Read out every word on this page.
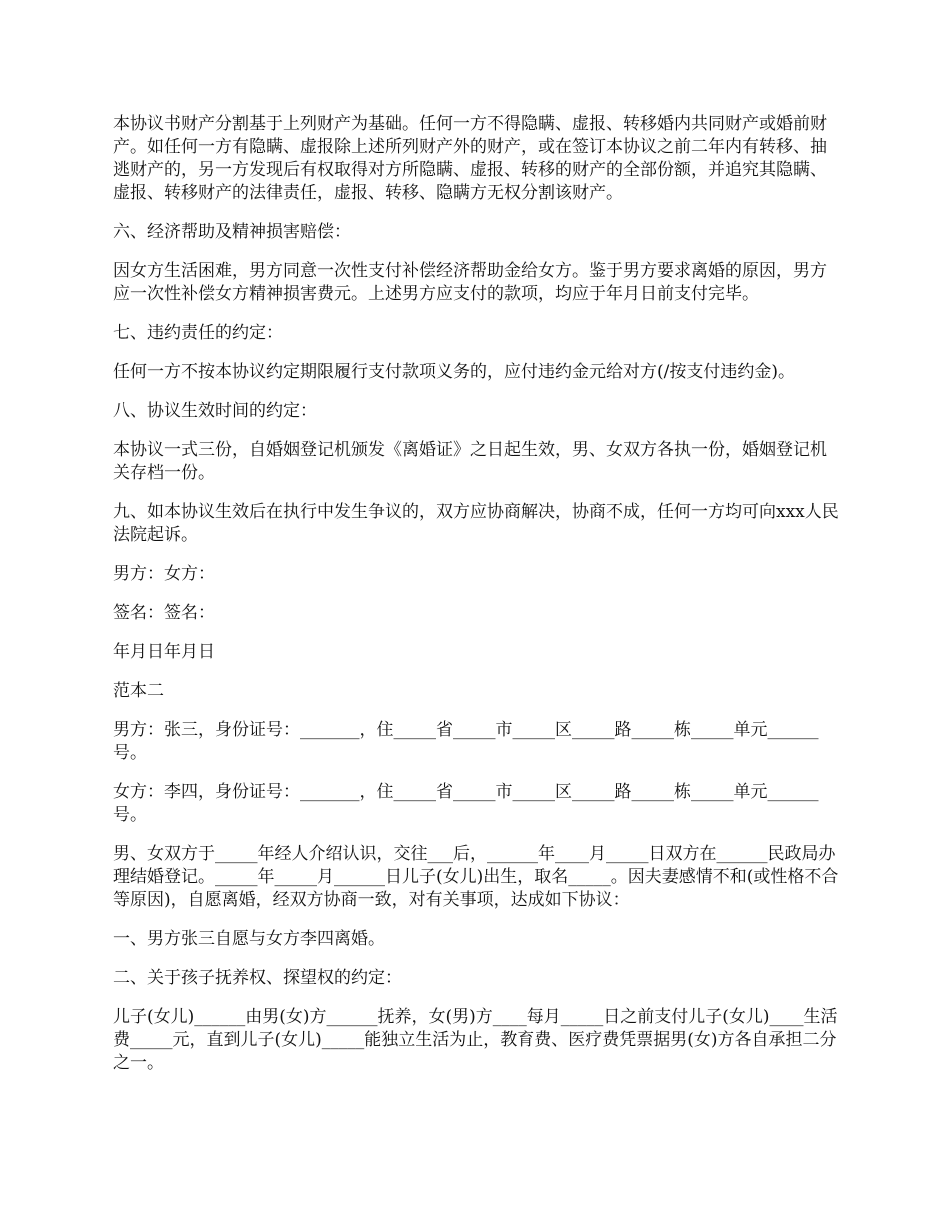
本协议书财产分割基于上列财产为基础。任何一方不得隐瞒、虚报、转移婚内共同财产或婚前财产。如任何一方有隐瞒、虚报除上述所列财产外的财产，或在签订本协议之前二年内有转移、抽逃财产的，另一方发现后有权取得对方所隐瞒、虚报、转移的财产的全部份额，并追究其隐瞒、虚报、转移财产的法律责任，虚报、转移、隐瞒方无权分割该财产。

六、经济帮助及精神损害赔偿：

因女方生活困难，男方同意一次性支付补偿经济帮助金给女方。鉴于男方要求离婚的原因，男方应一次性补偿女方精神损害费元。上述男方应支付的款项，均应于年月日前支付完毕。

七、违约责任的约定：

任何一方不按本协议约定期限履行支付款项义务的，应付违约金元给对方(/按支付违约金)。

八、协议生效时间的约定：

本协议一式三份，自婚姻登记机颁发《离婚证》之日起生效，男、女双方各执一份，婚姻登记机关存档一份。

九、如本协议生效后在执行中发生争议的，双方应协商解决，协商不成，任何一方均可向xxx人民法院起诉。

男方：女方：

签名：签名：

年月日年月日

范本二

男方：张三，身份证号：_______，住_____省_____市_____区_____路_____栋_____单元______号。

女方：李四，身份证号：_______，住_____省_____市_____区_____路_____栋_____单元______号。

男、女双方于_____年经人介绍认识，交往___后，______年____月_____日双方在______民政局办理结婚登记。_____年_____月______日儿子(女儿)出生，取名_____。因夫妻感情不和(或性格不合等原因)，自愿离婚，经双方协商一致，对有关事项，达成如下协议：

一、男方张三自愿与女方李四离婚。

二、关于孩子抚养权、探望权的约定：

儿子(女儿)______由男(女)方______抚养，女(男)方____每月_____日之前支付儿子(女儿)____生活费_____元，直到儿子(女儿)_____能独立生活为止，教育费、医疗费凭票据男(女)方各自承担二分之一。
